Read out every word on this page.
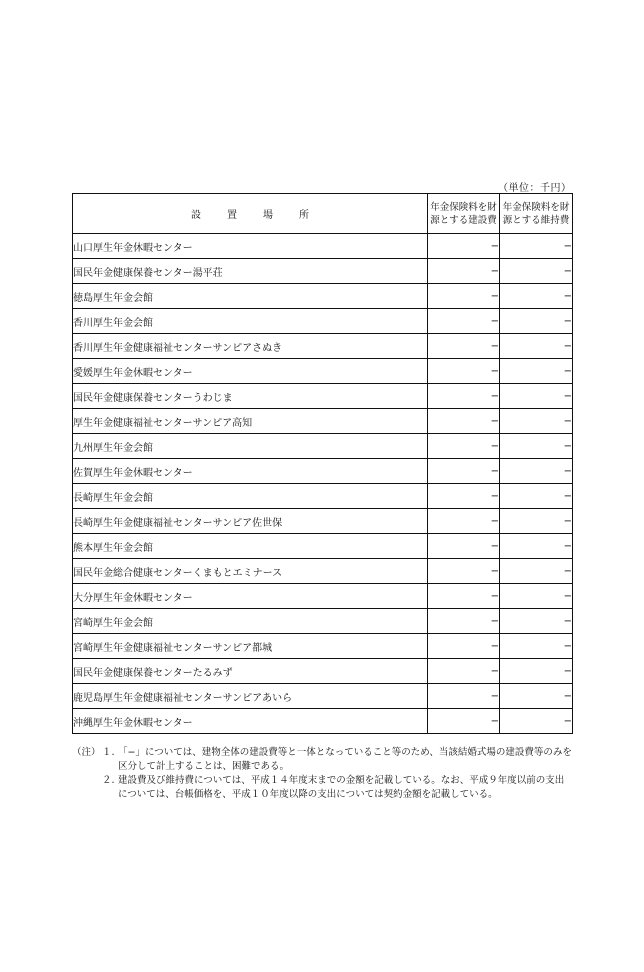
（単位：千円）
設置場所	年金保険料を財源とする建設費	年金保険料を財源とする維持費
山口厚生年金休暇センター	−	−
国民年金健康保養センター湯平荘	−	−
徳島厚生年金会館	−	−
香川厚生年金会館	−	−
香川厚生年金健康福祉センターサンピアさぬき	−	−
愛媛厚生年金休暇センター	−	−
国民年金健康保養センターうわじま	−	−
厚生年金健康福祉センターサンピア高知	−	−
九州厚生年金会館	−	−
佐賀厚生年金休暇センター	−	−
長崎厚生年金会館	−	−
長崎厚生年金健康福祉センターサンピア佐世保	−	−
熊本厚生年金会館	−	−
国民年金総合健康センターくまもとエミナース	−	−
大分厚生年金休暇センター	−	−
宮崎厚生年金会館	−	−
宮崎厚生年金健康福祉センターサンピア都城	−	−
国民年金健康保養センターたるみず	−	−
鹿児島厚生年金健康福祉センターサンピアあいら	−	−
沖縄厚生年金休暇センター	−	−
（注） １. 「−」については、建物全体の建設費等と一体となっていること等のため、当該結婚式場の建設費等のみを区分して計上することは、困難である。
２. 建設費及び維持費については、平成１４年度末までの金額を記載している。なお、平成９年度以前の支出については、台帳価格を、平成１０年度以降の支出については契約金額を記載している。
